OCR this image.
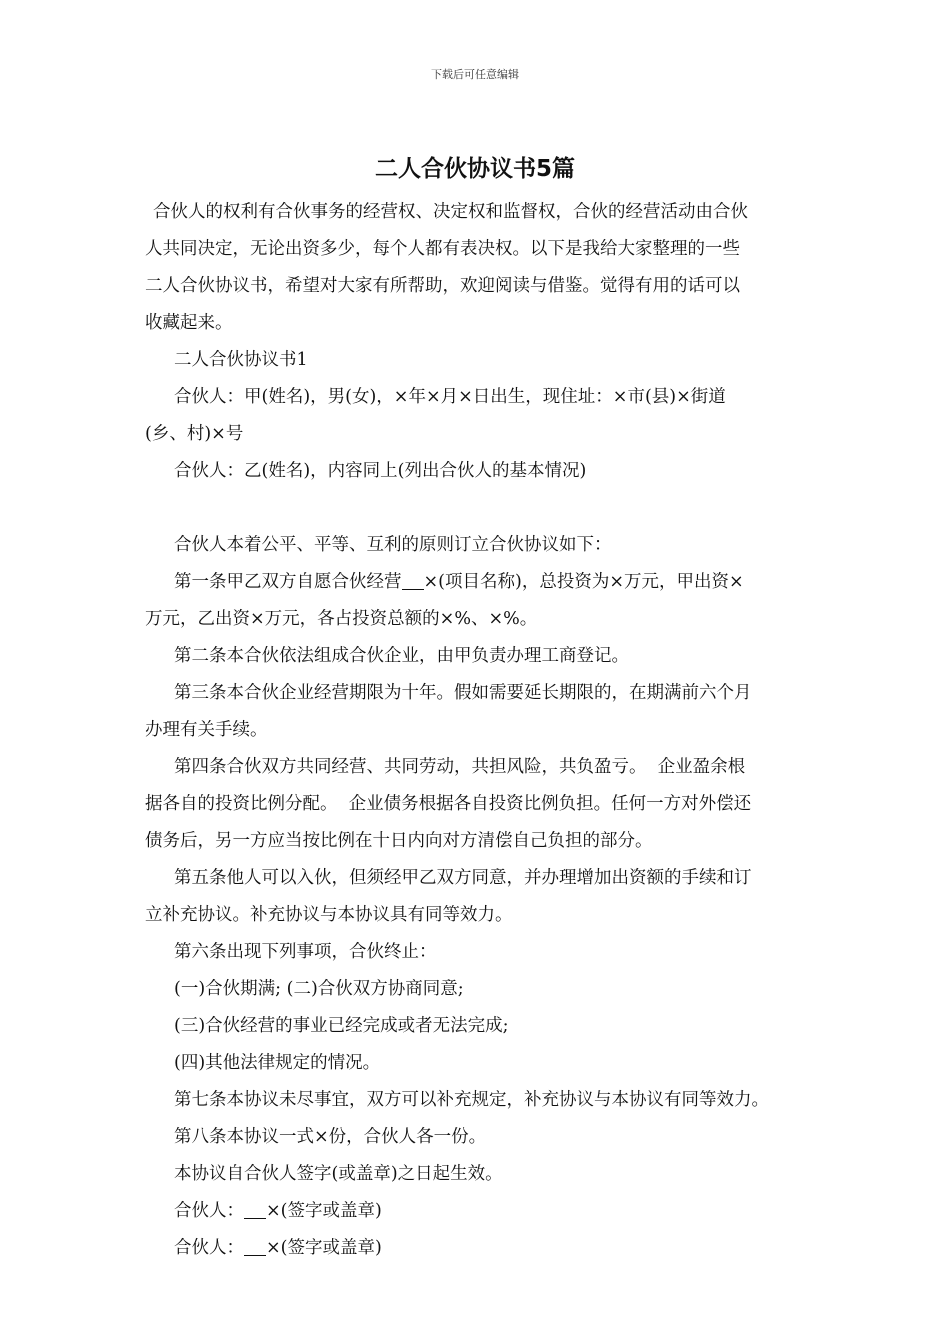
下载后可任意编辑
二人合伙协议书5篇

合伙人的权利有合伙事务的经营权、决定权和监督权，合伙的经营活动由合伙

人共同决定，无论出资多少，每个人都有表决权。以下是我给大家整理的一些

二人合伙协议书，希望对大家有所帮助，欢迎阅读与借鉴。觉得有用的话可以

收藏起来。

二人合伙协议书1

合伙人：甲(姓名)，男(女)，×年×月×日出生，现住址：×市(县)×街道

(乡、村)×号

合伙人：乙(姓名)，内容同上(列出合伙人的基本情况)

合伙人本着公平、平等、互利的原则订立合伙协议如下：

第一条甲乙双方自愿合伙经营 ×(项目名称)，总投资为×万元，甲出资×

万元，乙出资×万元，各占投资总额的×%、×%。

第二条本合伙依法组成合伙企业，由甲负责办理工商登记。

第三条本合伙企业经营期限为十年。假如需要延长期限的，在期满前六个月

办理有关手续。

第四条合伙双方共同经营、共同劳动，共担风险，共负盈亏。  企业盈余根

据各自的投资比例分配。  企业债务根据各自投资比例负担。任何一方对外偿还

债务后，另一方应当按比例在十日内向对方清偿自己负担的部分。

第五条他人可以入伙，但须经甲乙双方同意，并办理增加出资额的手续和订

立补充协议。补充协议与本协议具有同等效力。

第六条出现下列事项，合伙终止：

(一)合伙期满; (二)合伙双方协商同意;

(三)合伙经营的事业已经完成或者无法完成;

(四)其他法律规定的情况。

第七条本协议未尽事宜，双方可以补充规定，补充协议与本协议有同等效力。

第八条本协议一式×份，合伙人各一份。

本协议自合伙人签字(或盖章)之日起生效。

合伙人： ×(签字或盖章)

合伙人： ×(签字或盖章)
